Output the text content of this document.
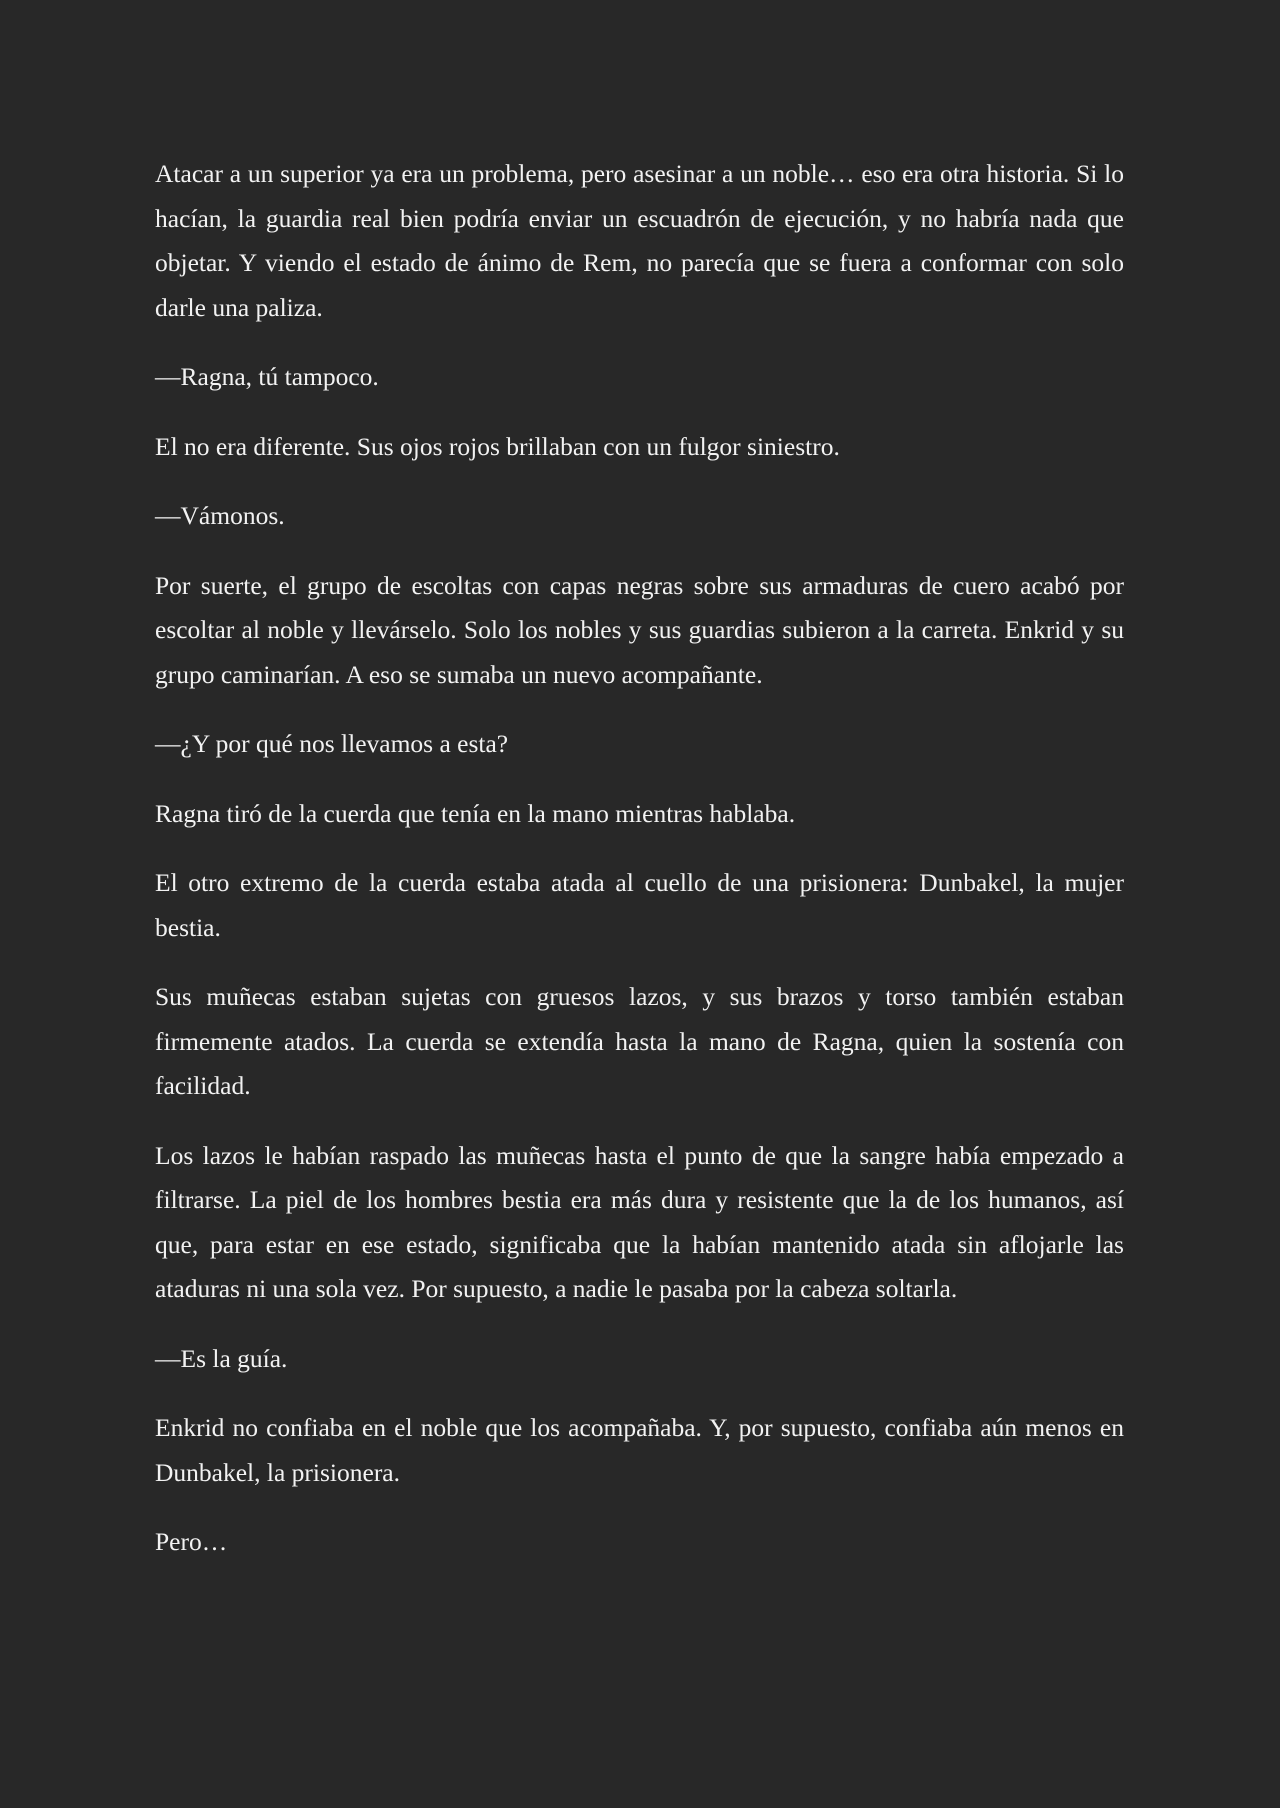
Atacar a un superior ya era un problema, pero asesinar a un noble… eso era otra historia. Si lo hacían, la guardia real bien podría enviar un escuadrón de ejecución, y no habría nada que objetar. Y viendo el estado de ánimo de Rem, no parecía que se fuera a conformar con solo darle una paliza.

—Ragna, tú tampoco.

El no era diferente. Sus ojos rojos brillaban con un fulgor siniestro.

—Vámonos.

Por suerte, el grupo de escoltas con capas negras sobre sus armaduras de cuero acabó por escoltar al noble y llevárselo. Solo los nobles y sus guardias subieron a la carreta. Enkrid y su grupo caminarían. A eso se sumaba un nuevo acompañante.

—¿Y por qué nos llevamos a esta?

Ragna tiró de la cuerda que tenía en la mano mientras hablaba.

El otro extremo de la cuerda estaba atada al cuello de una prisionera: Dunbakel, la mujer bestia.

Sus muñecas estaban sujetas con gruesos lazos, y sus brazos y torso también estaban firmemente atados. La cuerda se extendía hasta la mano de Ragna, quien la sostenía con facilidad.

Los lazos le habían raspado las muñecas hasta el punto de que la sangre había empezado a filtrarse. La piel de los hombres bestia era más dura y resistente que la de los humanos, así que, para estar en ese estado, significaba que la habían mantenido atada sin aflojarle las ataduras ni una sola vez. Por supuesto, a nadie le pasaba por la cabeza soltarla.

—Es la guía.

Enkrid no confiaba en el noble que los acompañaba. Y, por supuesto, confiaba aún menos en Dunbakel, la prisionera.

Pero…
